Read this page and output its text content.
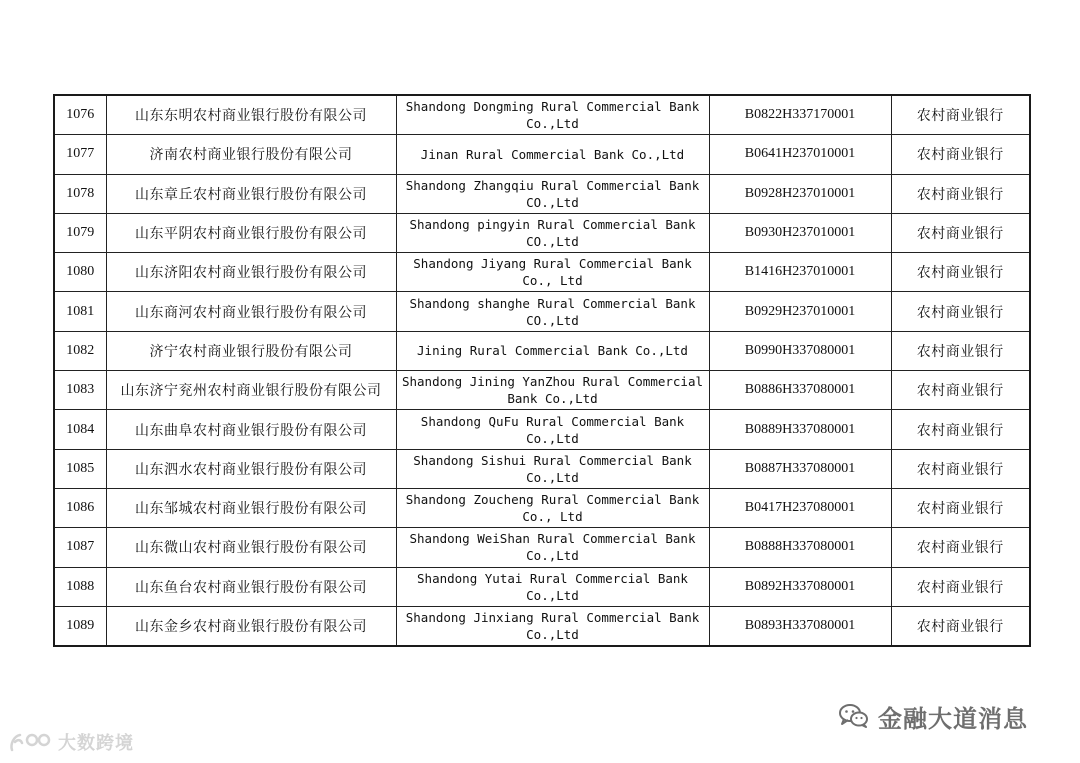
1076	山东东明农村商业银行股份有限公司	Shandong Dongming Rural Commercial Bank Co.,Ltd	B0822H337170001	农村商业银行
1077	济南农村商业银行股份有限公司	Jinan Rural Commercial Bank Co.,Ltd	B0641H237010001	农村商业银行
1078	山东章丘农村商业银行股份有限公司	Shandong Zhangqiu Rural Commercial Bank CO.,Ltd	B0928H237010001	农村商业银行
1079	山东平阴农村商业银行股份有限公司	Shandong pingyin Rural Commercial Bank CO.,Ltd	B0930H237010001	农村商业银行
1080	山东济阳农村商业银行股份有限公司	Shandong Jiyang Rural Commercial Bank Co., Ltd	B1416H237010001	农村商业银行
1081	山东商河农村商业银行股份有限公司	Shandong shanghe Rural Commercial Bank CO.,Ltd	B0929H237010001	农村商业银行
1082	济宁农村商业银行股份有限公司	Jining Rural Commercial Bank Co.,Ltd	B0990H337080001	农村商业银行
1083	山东济宁兖州农村商业银行股份有限公司	Shandong Jining YanZhou Rural Commercial Bank Co.,Ltd	B0886H337080001	农村商业银行
1084	山东曲阜农村商业银行股份有限公司	Shandong QuFu Rural Commercial Bank Co.,Ltd	B0889H337080001	农村商业银行
1085	山东泗水农村商业银行股份有限公司	Shandong Sishui Rural Commercial Bank Co.,Ltd	B0887H337080001	农村商业银行
1086	山东邹城农村商业银行股份有限公司	Shandong Zoucheng Rural Commercial Bank Co., Ltd	B0417H237080001	农村商业银行
1087	山东微山农村商业银行股份有限公司	Shandong WeiShan Rural Commercial Bank Co.,Ltd	B0888H337080001	农村商业银行
1088	山东鱼台农村商业银行股份有限公司	Shandong Yutai Rural Commercial Bank Co.,Ltd	B0892H337080001	农村商业银行
1089	山东金乡农村商业银行股份有限公司	Shandong Jinxiang Rural Commercial Bank Co.,Ltd	B0893H337080001	农村商业银行
金融大道消息
大数跨境
